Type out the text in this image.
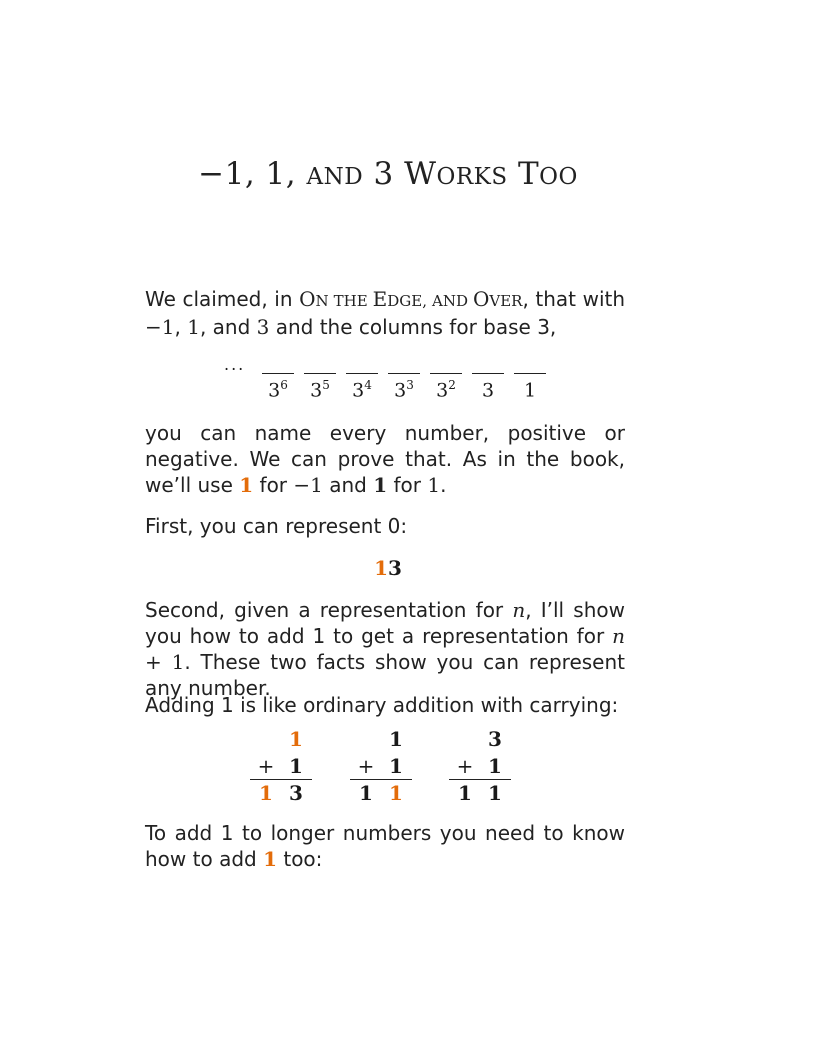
−1, 1, AND 3 WORKS TOO
We claimed, in ON THE EDGE, AND OVER, that with −1, 1, and 3 and the columns for base 3,
...
$3^6$	$3^5$	$3^4$	$3^3$	$3^2$	3	1
you can name every number, positive or negative. We can prove that. As in the book, we’ll use 1 for −1 and 1 for 1.
First, you can represent 0:
13
Second, given a representation for n, I’ll show you how to add 1 to get a representation for n + 1. These two facts show you can represent any number.
Adding 1 is like ordinary addition with carrying:
1
+ 1
1 3
1
+ 1
1 1
3
+ 1
1 1
To add 1 to longer numbers you need to know how to add 1 too:
